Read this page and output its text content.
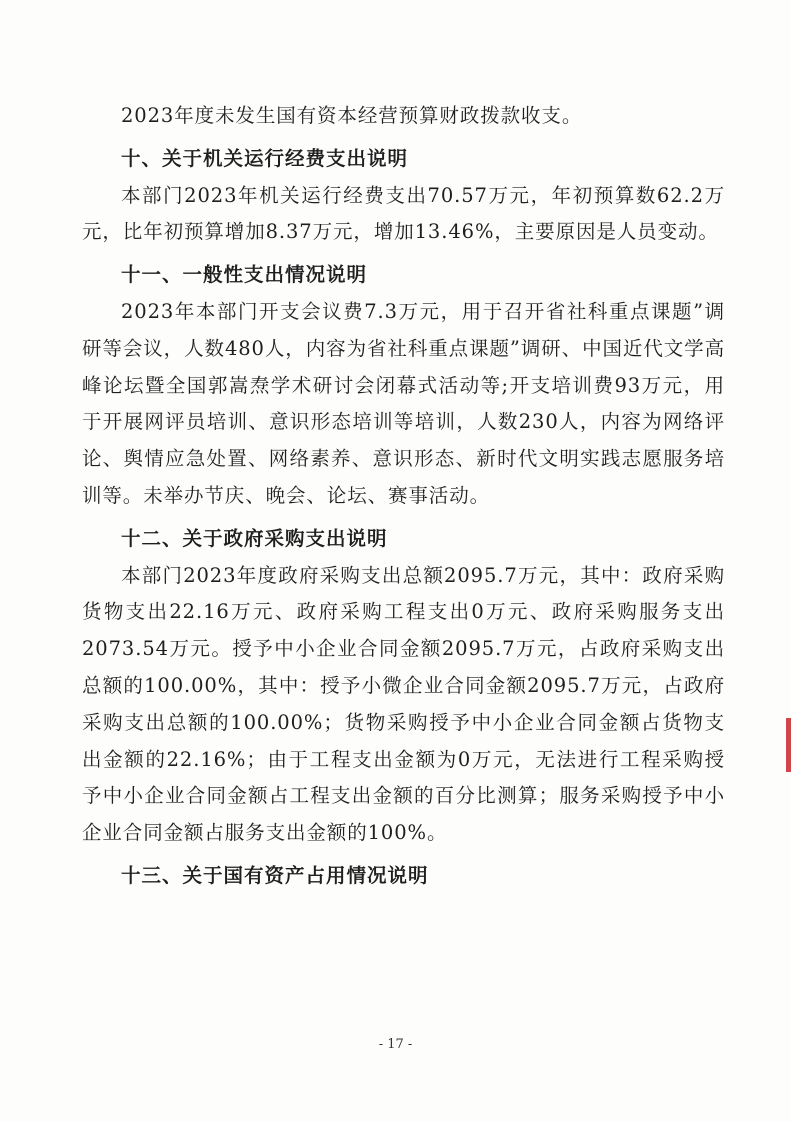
2023年度未发生国有资本经营预算财政拨款收支。

十、关于机关运行经费支出说明

本部门2023年机关运行经费支出70.57万元，年初预算数62.2万元，比年初预算增加8.37万元，增加13.46%，主要原因是人员变动。

十一、一般性支出情况说明

2023年本部门开支会议费7.3万元，用于召开省社科重点课题”调研等会议，人数480人，内容为省社科重点课题”调研、中国近代文学高峰论坛暨全国郭嵩焘学术研讨会闭幕式活动等;开支培训费93万元，用于开展网评员培训、意识形态培训等培训，人数230人，内容为网络评论、舆情应急处置、网络素养、意识形态、新时代文明实践志愿服务培训等。未举办节庆、晚会、论坛、赛事活动。

十二、关于政府采购支出说明

本部门2023年度政府采购支出总额2095.7万元，其中：政府采购货物支出22.16万元、政府采购工程支出0万元、政府采购服务支出2073.54万元。授予中小企业合同金额2095.7万元，占政府采购支出总额的100.00%，其中：授予小微企业合同金额2095.7万元，占政府采购支出总额的100.00%；货物采购授予中小企业合同金额占货物支出金额的22.16%；由于工程支出金额为0万元，无法进行工程采购授予中小企业合同金额占工程支出金额的百分比测算；服务采购授予中小企业合同金额占服务支出金额的100%。

十三、关于国有资产占用情况说明

- 17 -
